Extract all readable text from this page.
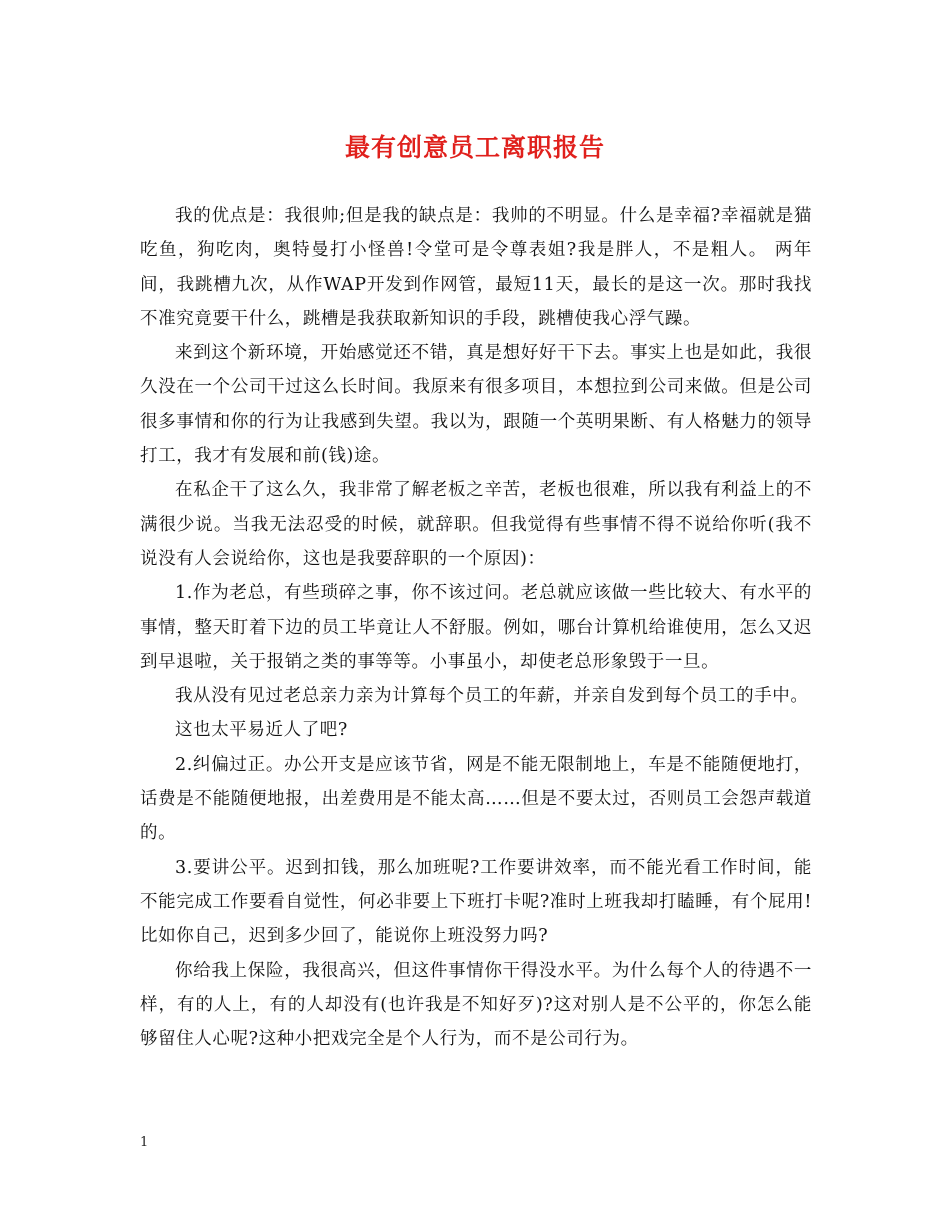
最有创意员工离职报告

我的优点是：我很帅;但是我的缺点是：我帅的不明显。什么是幸福?幸福就是猫吃鱼，狗吃肉，奥特曼打小怪兽!令堂可是令尊表姐?我是胖人，不是粗人。 两年间，我跳槽九次，从作WAP开发到作网管，最短11天，最长的是这一次。那时我找不准究竟要干什么，跳槽是我获取新知识的手段，跳槽使我心浮气躁。

来到这个新环境，开始感觉还不错，真是想好好干下去。事实上也是如此，我很久没在一个公司干过这么长时间。我原来有很多项目，本想拉到公司来做。但是公司很多事情和你的行为让我感到失望。我以为，跟随一个英明果断、有人格魅力的领导打工，我才有发展和前(钱)途。

在私企干了这么久，我非常了解老板之辛苦，老板也很难，所以我有利益上的不满很少说。当我无法忍受的时候，就辞职。但我觉得有些事情不得不说给你听(我不说没有人会说给你，这也是我要辞职的一个原因)：

1.作为老总，有些琐碎之事，你不该过问。老总就应该做一些比较大、有水平的事情，整天盯着下边的员工毕竟让人不舒服。例如，哪台计算机给谁使用，怎么又迟到早退啦，关于报销之类的事等等。小事虽小，却使老总形象毁于一旦。

我从没有见过老总亲力亲为计算每个员工的年薪，并亲自发到每个员工的手中。

这也太平易近人了吧?

2.纠偏过正。办公开支是应该节省，网是不能无限制地上，车是不能随便地打，话费是不能随便地报，出差费用是不能太高……但是不要太过，否则员工会怨声载道的。

3.要讲公平。迟到扣钱，那么加班呢?工作要讲效率，而不能光看工作时间，能不能完成工作要看自觉性，何必非要上下班打卡呢?准时上班我却打瞌睡，有个屁用!比如你自己，迟到多少回了，能说你上班没努力吗?

你给我上保险，我很高兴，但这件事情你干得没水平。为什么每个人的待遇不一样，有的人上，有的人却没有(也许我是不知好歹)?这对别人是不公平的，你怎么能够留住人心呢?这种小把戏完全是个人行为，而不是公司行为。

1
